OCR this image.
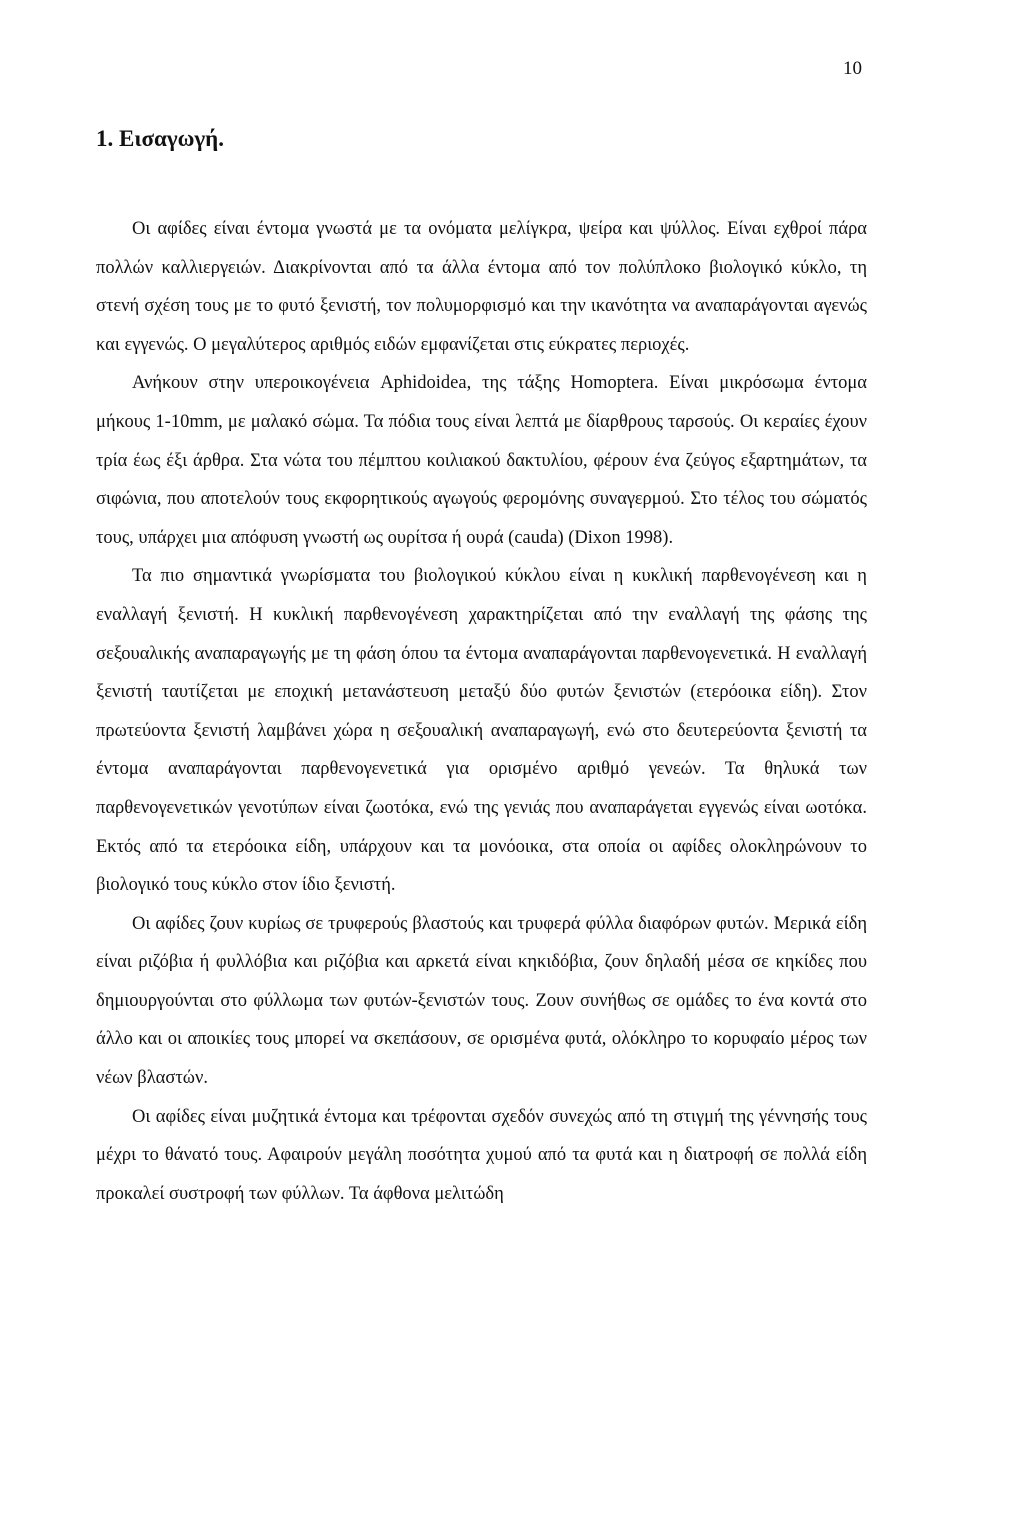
10
1. Εισαγωγή.

Οι αφίδες είναι έντομα γνωστά με τα ονόματα μελίγκρα, ψείρα και ψύλλος. Είναι εχθροί πάρα πολλών καλλιεργειών. Διακρίνονται από τα άλλα έντομα από τον πολύπλοκο βιολογικό κύκλο, τη στενή σχέση τους με το φυτό ξενιστή, τον πολυμορφισμό και την ικανότητα να αναπαράγονται αγενώς και εγγενώς. Ο μεγαλύτερος αριθμός ειδών εμφανίζεται στις εύκρατες περιοχές.

Ανήκουν στην υπεροικογένεια Aphidoidea, της τάξης Homoptera. Είναι μικρόσωμα έντομα μήκους 1-10mm, με μαλακό σώμα. Τα πόδια τους είναι λεπτά με δίαρθρους ταρσούς. Οι κεραίες έχουν τρία έως έξι άρθρα. Στα νώτα του πέμπτου κοιλιακού δακτυλίου, φέρουν ένα ζεύγος εξαρτημάτων, τα σιφώνια, που αποτελούν τους εκφορητικούς αγωγούς φερομόνης συναγερμού. Στο τέλος του σώματός τους, υπάρχει μια απόφυση γνωστή ως ουρίτσα ή ουρά (cauda) (Dixon 1998).

Τα πιο σημαντικά γνωρίσματα του βιολογικού κύκλου είναι η κυκλική παρθενογένεση και η εναλλαγή ξενιστή. Η κυκλική παρθενογένεση χαρακτηρίζεται από την εναλλαγή της φάσης της σεξουαλικής αναπαραγωγής με τη φάση όπου τα έντομα αναπαράγονται παρθενογενετικά. Η εναλλαγή ξενιστή ταυτίζεται με εποχική μετανάστευση μεταξύ δύο φυτών ξενιστών (ετερόοικα είδη). Στον πρωτεύοντα ξενιστή λαμβάνει χώρα η σεξουαλική αναπαραγωγή, ενώ στο δευτερεύοντα ξενιστή τα έντομα αναπαράγονται παρθενογενετικά για ορισμένο αριθμό γενεών. Τα θηλυκά των παρθενογενετικών γενοτύπων είναι ζωοτόκα, ενώ της γενιάς που αναπαράγεται εγγενώς είναι ωοτόκα. Εκτός από τα ετερόοικα είδη, υπάρχουν και τα μονόοικα, στα οποία οι αφίδες ολοκληρώνουν το βιολογικό τους κύκλο στον ίδιο ξενιστή.

Οι αφίδες ζουν κυρίως σε τρυφερούς βλαστούς και τρυφερά φύλλα διαφόρων φυτών. Μερικά είδη είναι ριζόβια ή φυλλόβια και ριζόβια και αρκετά είναι κηκιδόβια, ζουν δηλαδή μέσα σε κηκίδες που δημιουργούνται στο φύλλωμα των φυτών-ξενιστών τους. Ζουν συνήθως σε ομάδες το ένα κοντά στο άλλο και οι αποικίες τους μπορεί να σκεπάσουν, σε ορισμένα φυτά, ολόκληρο το κορυφαίο μέρος των νέων βλαστών.

Οι αφίδες είναι μυζητικά έντομα και τρέφονται σχεδόν συνεχώς από τη στιγμή της γέννησής τους μέχρι το θάνατό τους. Αφαιρούν μεγάλη ποσότητα χυμού από τα φυτά και η διατροφή σε πολλά είδη προκαλεί συστροφή των φύλλων. Τα άφθονα μελιτώδη
